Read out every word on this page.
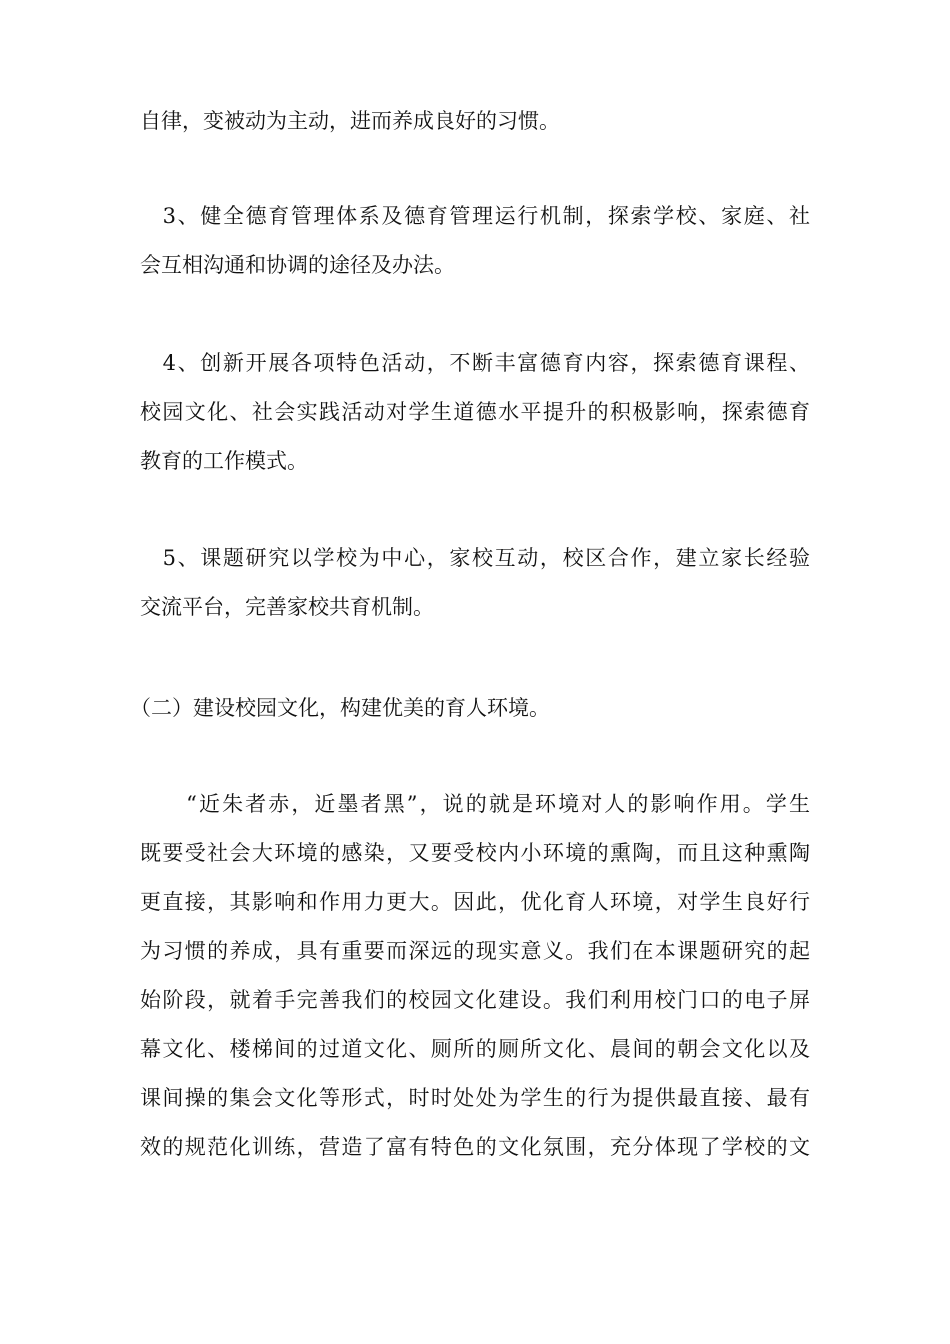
自律，变被动为主动，进而养成良好的习惯。
　3、健全德育管理体系及德育管理运行机制，探索学校、家庭、社
会互相沟通和协调的途径及办法。
　4、创新开展各项特色活动，不断丰富德育内容，探索德育课程、
校园文化、社会实践活动对学生道德水平提升的积极影响，探索德育
教育的工作模式。
　5、课题研究以学校为中心，家校互动，校区合作，建立家长经验
交流平台，完善家校共育机制。
（二）建设校园文化，构建优美的育人环境。
　　“近朱者赤，近墨者黑”，说的就是环境对人的影响作用。学生
既要受社会大环境的感染，又要受校内小环境的熏陶，而且这种熏陶
更直接，其影响和作用力更大。因此，优化育人环境，对学生良好行
为习惯的养成，具有重要而深远的现实意义。我们在本课题研究的起
始阶段，就着手完善我们的校园文化建设。我们利用校门口的电子屏
幕文化、楼梯间的过道文化、厕所的厕所文化、晨间的朝会文化以及
课间操的集会文化等形式，时时处处为学生的行为提供最直接、最有
效的规范化训练，营造了富有特色的文化氛围，充分体现了学校的文
